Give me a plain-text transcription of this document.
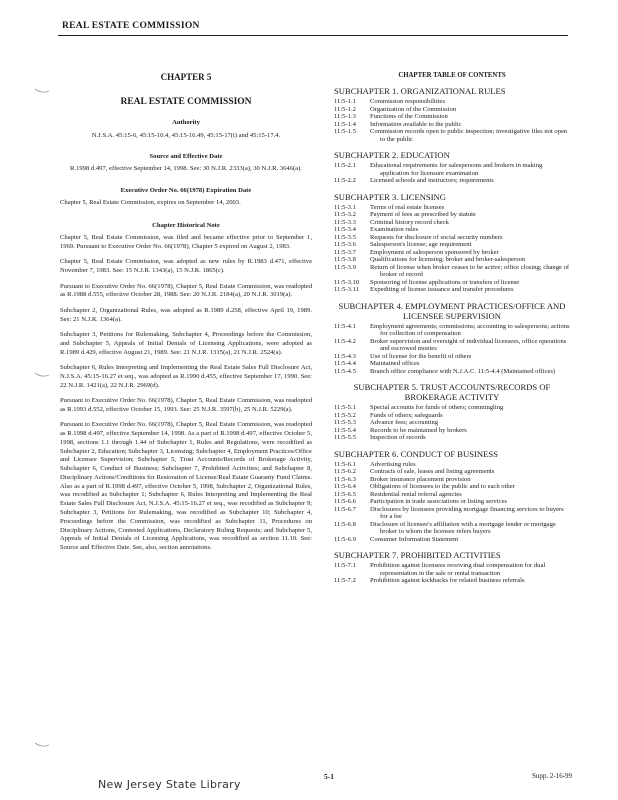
REAL ESTATE COMMISSION
CHAPTER 5
REAL ESTATE COMMISSION
Authority
N.J.S.A. 45:15-6, 45:15-10.4, 45:15-16.49, 45:15-17(t) and 45:15-17.4.
Source and Effective Date
R.1998 d.497, effective September 14, 1998. See: 30 N.J.R. 2333(a), 30 N.J.R. 3646(a).
Executive Order No. 66(1978) Expiration Date
Chapter 5, Real Estate Commission, expires on September 14, 2003.
Chapter Historical Note

Chapter 5, Real Estate Commission, was filed and became effective prior to September 1, 1969. Pursuant to Executive Order No. 66(1978), Chapter 5 expired on August 2, 1983.

Chapter 5, Real Estate Commission, was adopted as new rules by R.1983 d.471, effective November 7, 1983. See: 15 N.J.R. 1343(a), 15 N.J.R. 1865(c).

Pursuant to Executive Order No. 66(1978), Chapter 5, Real Estate Commission, was readopted as R.1988 d.555, effective October 28, 1988. See: 20 N.J.R. 2184(a), 20 N.J.R. 3019(a).

Subchapter 2, Organizational Rules, was adopted as R.1989 d.258, effective April 19, 1989. See: 21 N.J.R. 1364(a).

Subchapter 3, Petitions for Rulemaking, Subchapter 4, Proceedings before the Commission, and Subchapter 5, Appeals of Initial Denials of Licensing Applications, were adopted as R.1989 d.429, effective August 21, 1989. See: 21 N.J.R. 1315(a), 21 N.J.R. 2524(a).

Subchapter 6, Rules Interpreting and Implementing the Real Estate Sales Full Disclosure Act, N.J.S.A. 45:15-16.27 et seq., was adopted as R.1990 d.455, effective September 17, 1990. See: 22 N.J.R. 1421(a), 22 N.J.R. 2969(d).

Pursuant to Executive Order No. 66(1978), Chapter 5, Real Estate Commission, was readopted as R.1993 d.552, effective October 15, 1993. See: 25 N.J.R. 3597(b), 25 N.J.R. 5229(a).

Pursuant to Executive Order No. 66(1978), Chapter 5, Real Estate Commission, was readopted as R.1998 d.497, effective September 14, 1998. As a part of R.1998 d.497, effective October 5, 1998, sections 1.1 through 1.44 of Subchapter 1, Rules and Regulations, were recodified as Subchapter 2, Education; Subchapter 3, Licensing; Subchapter 4, Employment Practices/Office and Licensee Supervision; Subchapter 5, Trust Accounts/Records of Brokerage Activity, Subchapter 6, Conduct of Business; Subchapter 7, Prohibited Activities; and Subchapter 8, Disciplinary Actions/Conditions for Restoration of License/Real Estate Guaranty Fund Claims. Also as a part of R.1998 d.497, effective October 5, 1998, Subchapter 2, Organizational Rules, was recodified as Subchapter 1; Subchapter 6, Rules Interpreting and Implementing the Real Estate Sales Full Disclosure Act, N.J.S.A. 45:15-16.27 et seq., was recodified as Subchapter 9; Subchapter 3, Petitions for Rulemaking, was recodified as Subchapter 10; Subchapter 4, Proceedings before the Commission, was recodified as Subchapter 11, Procedures on Disciplinary Actions, Contested Applications, Declaratory Ruling Requests; and Subchapter 5, Appeals of Initial Denials of Licensing Applications, was recodified as section 11.10. See: Source and Effective Date. See, also, section annotations.

CHAPTER TABLE OF CONTENTS
SUBCHAPTER 1. ORGANIZATIONAL RULES
11:5-1.1	Commission responsibilities
11:5-1.2	Organization of the Commission
11:5-1.3	Functions of the Commission
11:5-1.4	Information available to the public
11:5-1.5	Commission records open to public inspection; investigative files not open to the public
SUBCHAPTER 2. EDUCATION
11:5-2.1	Educational requirements for salespersons and brokers in making application for licensure examination
11:5-2.2	Licensed schools and instructors; requirements
SUBCHAPTER 3. LICENSING
11:5-3.1	Terms of real estate licenses
11:5-3.2	Payment of fees as prescribed by statute
11:5-3.3	Criminal history record check
11:5-3.4	Examination rules
11:5-3.5	Requests for disclosure of social security numbers
11:5-3.6	Salesperson's license; age requirement
11:5-3.7	Employment of salesperson sponsored by broker
11:5-3.8	Qualifications for licensing; broker and broker-salesperson
11:5-3.9	Return of license when broker ceases to be active; office closing; change of broker of record
11:5-3.10	Sponsoring of license applications or transfers of license
11:5-3.11	Expediting of license issuance and transfer procedures
SUBCHAPTER 4. EMPLOYMENT PRACTICES/OFFICE AND LICENSEE SUPERVISION
11:5-4.1	Employment agreements; commissions; accounting to salespersons; actions for collection of compensation
11:5-4.2	Broker supervision and oversight of individual licensees, office operations and escrowed monies
11:5-4.3	Use of license for the benefit of others
11:5-4.4	Maintained offices
11:5-4.5	Branch office compliance with N.J.A.C. 11:5-4.4 (Maintained offices)
SUBCHAPTER 5. TRUST ACCOUNTS/RECORDS OF BROKERAGE ACTIVITY
11:5-5.1	Special accounts for funds of others; commingling
11:5-5.2	Funds of others; safeguards
11:5-5.3	Advance fees; accounting
11:5-5.4	Records to be maintained by brokers
11:5-5.5	Inspection of records
SUBCHAPTER 6. CONDUCT OF BUSINESS
11:5-6.1	Advertising rules
11:5-6.2	Contracts of sale, leases and listing agreements
11:5-6.3	Broker insurance placement provision
11:5-6.4	Obligations of licensees to the public and to each other
11:5-6.5	Residential rental referral agencies
11:5-6.6	Participation in trade associations or listing services
11:5-6.7	Disclosures by licensees providing mortgage financing services to buyers for a fee
11:5-6.8	Disclosure of licensee's affiliation with a mortgage lender or mortgage broker to whom the licensee refers buyers
11:5-6.9	Consumer Information Statement
SUBCHAPTER 7. PROHIBITED ACTIVITIES
11:5-7.1	Prohibition against licensees receiving dual compensation for dual representation in the sale or rental transaction
11:5-7.2	Prohibition against kickbacks for related business referrals
New Jersey State Library
5-1	Supp. 2-16-99
